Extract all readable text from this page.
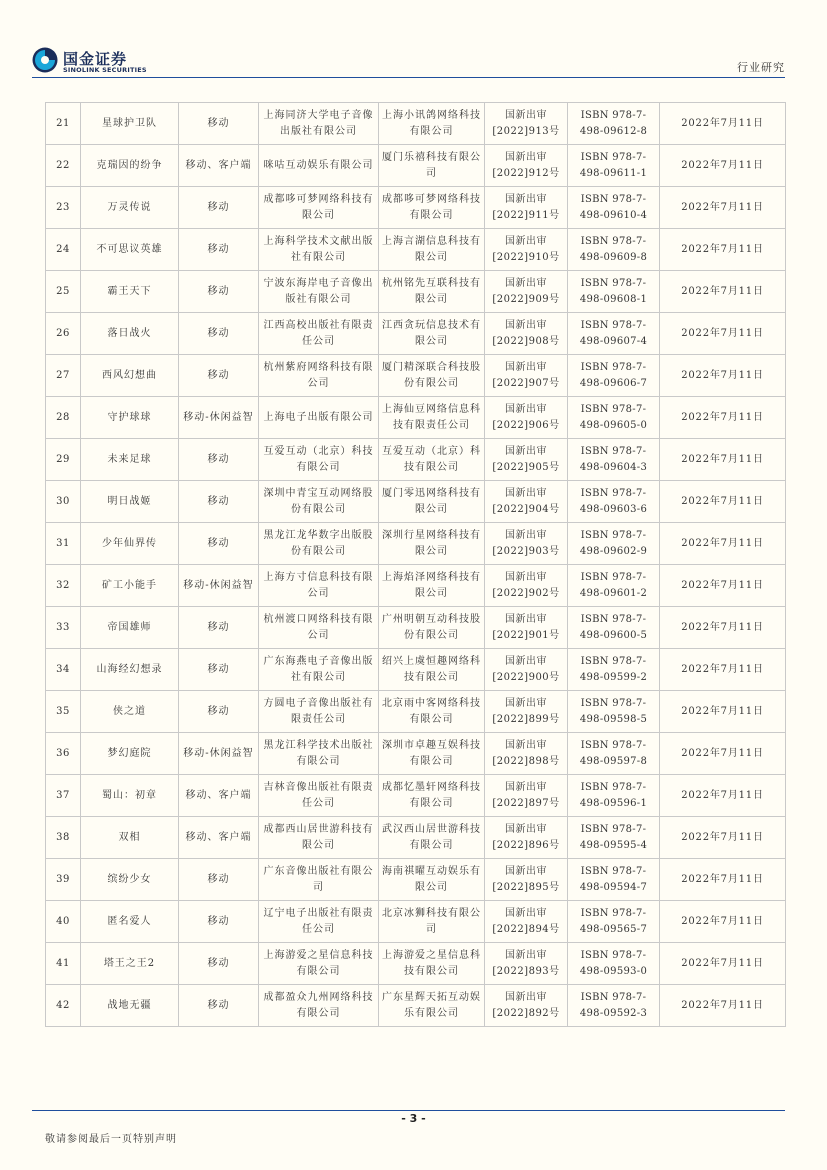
国金证券
SINOLINK SECURITIES	行业研究
21	星球护卫队	移动	上海同济大学电子音像出版社有限公司	上海小讯鸽网络科技有限公司	国新出审[2022]913号	ISBN 978-7-498-09612-8	2022年7月11日
22	克瑞因的纷争	移动、客户端	咪咕互动娱乐有限公司	厦门乐禧科技有限公司	国新出审[2022]912号	ISBN 978-7-498-09611-1	2022年7月11日
23	万灵传说	移动	成都哆可梦网络科技有限公司	成都哆可梦网络科技有限公司	国新出审[2022]911号	ISBN 978-7-498-09610-4	2022年7月11日
24	不可思议英雄	移动	上海科学技术文献出版社有限公司	上海言湖信息科技有限公司	国新出审[2022]910号	ISBN 978-7-498-09609-8	2022年7月11日
25	霸王天下	移动	宁波东海岸电子音像出版社有限公司	杭州铭先互联科技有限公司	国新出审[2022]909号	ISBN 978-7-498-09608-1	2022年7月11日
26	落日战火	移动	江西高校出版社有限责任公司	江西贪玩信息技术有限公司	国新出审[2022]908号	ISBN 978-7-498-09607-4	2022年7月11日
27	西风幻想曲	移动	杭州紫府网络科技有限公司	厦门精深联合科技股份有限公司	国新出审[2022]907号	ISBN 978-7-498-09606-7	2022年7月11日
28	守护球球	移动-休闲益智	上海电子出版有限公司	上海仙豆网络信息科技有限责任公司	国新出审[2022]906号	ISBN 978-7-498-09605-0	2022年7月11日
29	未来足球	移动	互爱互动（北京）科技有限公司	互爱互动（北京）科技有限公司	国新出审[2022]905号	ISBN 978-7-498-09604-3	2022年7月11日
30	明日战姬	移动	深圳中青宝互动网络股份有限公司	厦门零迅网络科技有限公司	国新出审[2022]904号	ISBN 978-7-498-09603-6	2022年7月11日
31	少年仙界传	移动	黑龙江龙华数字出版股份有限公司	深圳行星网络科技有限公司	国新出审[2022]903号	ISBN 978-7-498-09602-9	2022年7月11日
32	矿工小能手	移动-休闲益智	上海方寸信息科技有限公司	上海焰泽网络科技有限公司	国新出审[2022]902号	ISBN 978-7-498-09601-2	2022年7月11日
33	帝国雄师	移动	杭州渡口网络科技有限公司	广州明朝互动科技股份有限公司	国新出审[2022]901号	ISBN 978-7-498-09600-5	2022年7月11日
34	山海经幻想录	移动	广东海燕电子音像出版社有限公司	绍兴上虞恒趣网络科技有限公司	国新出审[2022]900号	ISBN 978-7-498-09599-2	2022年7月11日
35	侠之道	移动	方圆电子音像出版社有限责任公司	北京雨中客网络科技有限公司	国新出审[2022]899号	ISBN 978-7-498-09598-5	2022年7月11日
36	梦幻庭院	移动-休闲益智	黑龙江科学技术出版社有限公司	深圳市卓趣互娱科技有限公司	国新出审[2022]898号	ISBN 978-7-498-09597-8	2022年7月11日
37	蜀山：初章	移动、客户端	吉林音像出版社有限责任公司	成都忆墨轩网络科技有限公司	国新出审[2022]897号	ISBN 978-7-498-09596-1	2022年7月11日
38	双相	移动、客户端	成都西山居世游科技有限公司	武汉西山居世游科技有限公司	国新出审[2022]896号	ISBN 978-7-498-09595-4	2022年7月11日
39	缤纷少女	移动	广东音像出版社有限公司	海南祺曜互动娱乐有限公司	国新出审[2022]895号	ISBN 978-7-498-09594-7	2022年7月11日
40	匿名爱人	移动	辽宁电子出版社有限责任公司	北京冰狮科技有限公司	国新出审[2022]894号	ISBN 978-7-498-09565-7	2022年7月11日
41	塔王之王2	移动	上海游爱之星信息科技有限公司	上海游爱之星信息科技有限公司	国新出审[2022]893号	ISBN 978-7-498-09593-0	2022年7月11日
42	战地无疆	移动	成都盈众九州网络科技有限公司	广东星辉天拓互动娱乐有限公司	国新出审[2022]892号	ISBN 978-7-498-09592-3	2022年7月11日
- 3 -
敬请参阅最后一页特别声明
